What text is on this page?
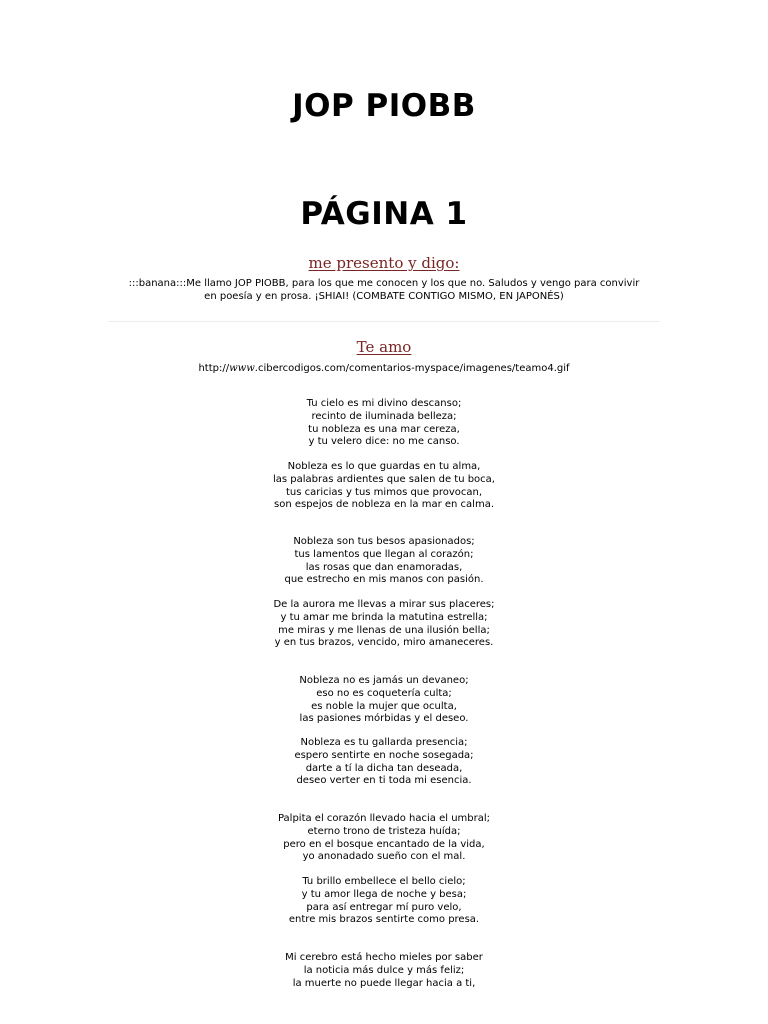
JOP PIOBB
PÁGINA 1
me presento y digo:
:::banana:::Me llamo JOP PIOBB, para los que me conocen y los que no. Saludos y vengo para convivir
en poesía y en prosa. ¡SHIAI! (COMBATE CONTIGO MISMO, EN JAPONÉS)
Te amo
http://www.cibercodigos.com/comentarios-myspace/imagenes/teamo4.gif
Tu cielo es mi divino descanso;
recinto de iluminada belleza;
tu nobleza es una mar cereza,
y tu velero dice: no me canso.
Nobleza es lo que guardas en tu alma,
las palabras ardientes que salen de tu boca,
tus caricias y tus mimos que provocan,
son espejos de nobleza en la mar en calma.
Nobleza son tus besos apasionados;
tus lamentos que llegan al corazón;
las rosas que dan enamoradas,
que estrecho en mis manos con pasión.
De la aurora me llevas a mirar sus placeres;
y tu amar me brinda la matutina estrella;
me miras y me llenas de una ilusión bella;
y en tus brazos, vencido, miro amaneceres.
Nobleza no es jamás un devaneo;
eso no es coquetería culta;
es noble la mujer que oculta,
las pasiones mórbidas y el deseo.
Nobleza es tu gallarda presencia;
espero sentirte en noche sosegada;
darte a tí la dicha tan deseada,
deseo verter en ti toda mi esencia.
Palpita el corazón llevado hacia el umbral;
eterno trono de tristeza huída;
pero en el bosque encantado de la vida,
yo anonadado sueño con el mal.
Tu brillo embellece el bello cielo;
y tu amor llega de noche y besa;
para así entregar mí puro velo,
entre mis brazos sentirte como presa.
Mi cerebro está hecho mieles por saber
la noticia más dulce y más feliz;
la muerte no puede llegar hacia a ti,
